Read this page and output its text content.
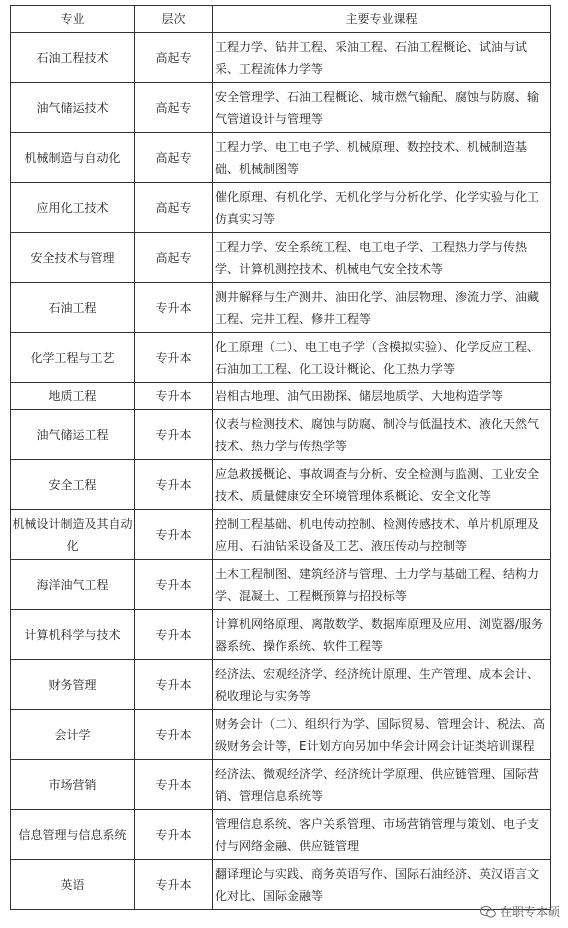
专业	层次	主要专业课程
石油工程技术	高起专	工程力学、钻井工程、采油工程、石油工程概论、试油与试采、工程流体力学等
油气储运技术	高起专	安全管理学、石油工程概论、城市燃气输配、腐蚀与防腐、输气管道设计与管理等
机械制造与自动化	高起专	工程力学、电工电子学、机械原理、数控技术、机械制造基础、机械制图等
应用化工技术	高起专	催化原理、有机化学、无机化学与分析化学、化学实验与化工仿真实习等
安全技术与管理	高起专	工程力学、安全系统工程、电工电子学、工程热力学与传热学、计算机测控技术、机械电气安全技术等
石油工程	专升本	测井解释与生产测井、油田化学、油层物理、渗流力学、油藏工程、完井工程、修井工程等
化学工程与工艺	专升本	化工原理（二）、电工电子学（含模拟实验）、化学反应工程、石油加工工程、化工设计概论、化工热力学等
地质工程	专升本	岩相古地理、油气田勘探、储层地质学、大地构造学等
油气储运工程	专升本	仪表与检测技术、腐蚀与防腐、制冷与低温技术、液化天然气技术、热力学与传热学等
安全工程	专升本	应急救援概论、事故调查与分析、安全检测与监测、工业安全技术、质量健康安全环境管理体系概论、安全文化等
机械设计制造及其自动化	专升本	控制工程基础、机电传动控制、检测传感技术、单片机原理及应用、石油钻采设备及工艺、液压传动与控制等
海洋油气工程	专升本	土木工程制图、建筑经济与管理、土力学与基础工程、结构力学、混凝土、工程概预算与招投标等
计算机科学与技术	专升本	计算机网络原理、离散数学、数据库原理及应用、浏览器/服务器系统、操作系统、软件工程等
财务管理	专升本	经济法、宏观经济学、经济统计原理、生产管理、成本会计、税收理论与实务等
会计学	专升本	财务会计（二）、组织行为学、国际贸易、管理会计、税法、高级财务会计等，E计划方向另加中华会计网会计证类培训课程
市场营销	专升本	经济法、微观经济学、经济统计学原理、供应链管理、国际营销、管理信息系统等
信息管理与信息系统	专升本	管理信息系统、客户关系管理、市场营销管理与策划、电子支付与网络金融、供应链管理
英语	专升本	翻译理论与实践、商务英语写作、国际石油经济、英汉语言文化对比、国际金融等
在职专本硕
